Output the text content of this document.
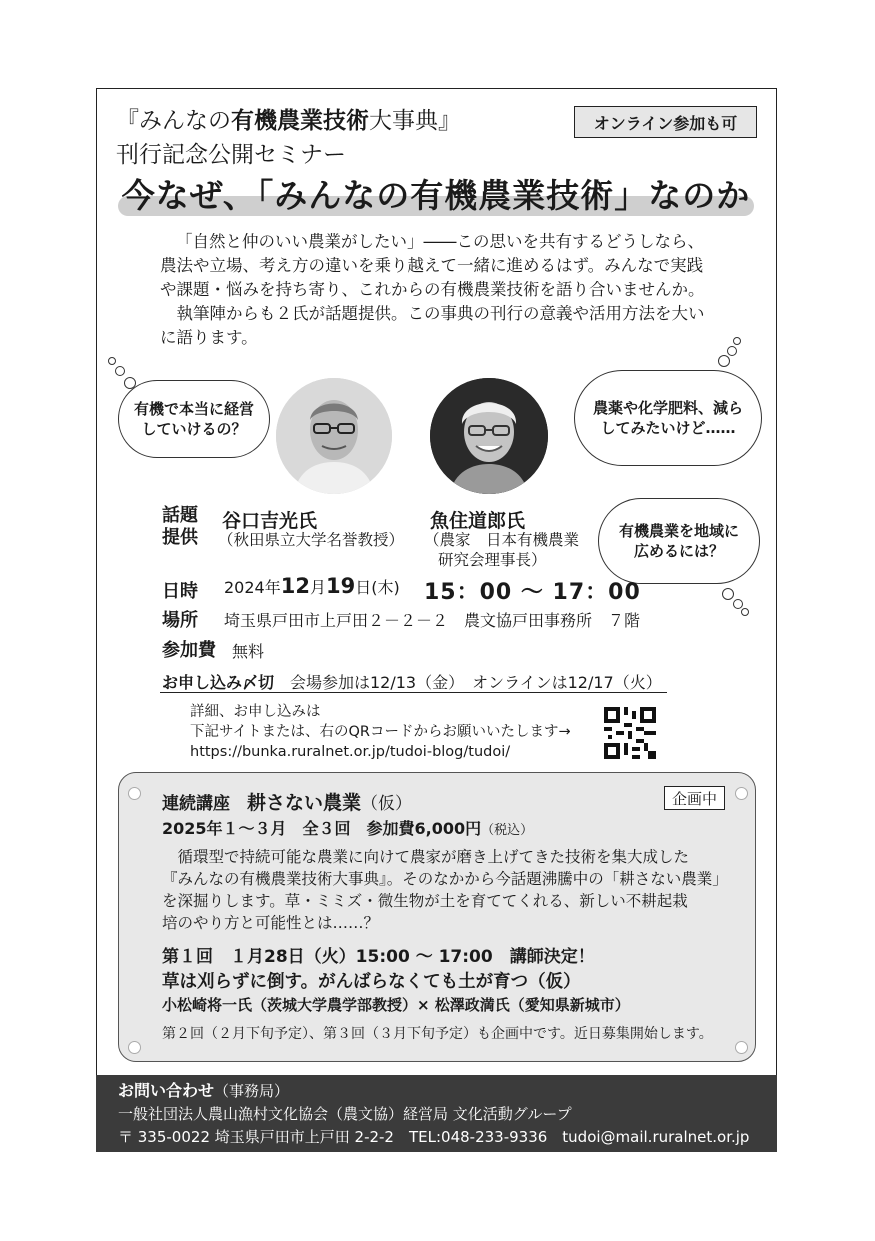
『みんなの有機農業技術大事典』
刊行記念公開セミナー
オンライン参加も可
今なぜ、「みんなの有機農業技術」なのか

「自然と仲のいい農業がしたい」――この思いを共有するどうしなら、

農法や立場、考え方の違いを乗り越えて一緒に進めるはず。みんなで実践

や課題・悩みを持ち寄り、これからの有機農業技術を語り合いませんか。

　執筆陣からも２氏が話題提供。この事典の刊行の意義や活用方法を大い

に語ります。

有機で本当に経営
していけるの？
農薬や化学肥料、減ら
してみたいけど……
有機農業を地域に
広めるには？
話題
提供
谷口吉光氏
（秋田県立大学名誉教授）
魚住道郎氏
（農家　日本有機農業
研究会理事長）
日時 2024年12月19日(木) 15：00 ～ 17：00
場所 埼玉県戸田市上戸田２－２－２　農文協戸田事務所　７階
参加費 無料
お申し込み〆切 会場参加は12/13（金）　オンラインは12/17（火）
詳細、お申し込みは
下記サイトまたは、右のQRコードからお願いいたします→
https://bunka.ruralnet.or.jp/tudoi-blog/tudoi/
連続講座　耕さない農業（仮）	企画中
2025年１～３月　全３回　参加費6,000円（税込）

　循環型で持続可能な農業に向けて農家が磨き上げてきた技術を集大成した

『みんなの有機農業技術大事典』。そのなかから今話題沸騰中の「耕さない農業」

を深掘りします。草・ミミズ・微生物が土を育ててくれる、新しい不耕起栽

培のやり方と可能性とは……？

第１回　１月28日（火）15:00 ～ 17:00　講師決定！
草は刈らずに倒す。がんばらなくても土が育つ（仮）
小松崎将一氏（茨城大学農学部教授）× 松澤政満氏（愛知県新城市）
第２回（２月下旬予定）、第３回（３月下旬予定）も企画中です。近日募集開始します。
お問い合わせ（事務局）
一般社団法人農山漁村文化協会（農文協）経営局 文化活動グループ
〒 335-0022 埼玉県戸田市上戸田 2-2-2　TEL:048-233-9336　tudoi@mail.ruralnet.or.jp
